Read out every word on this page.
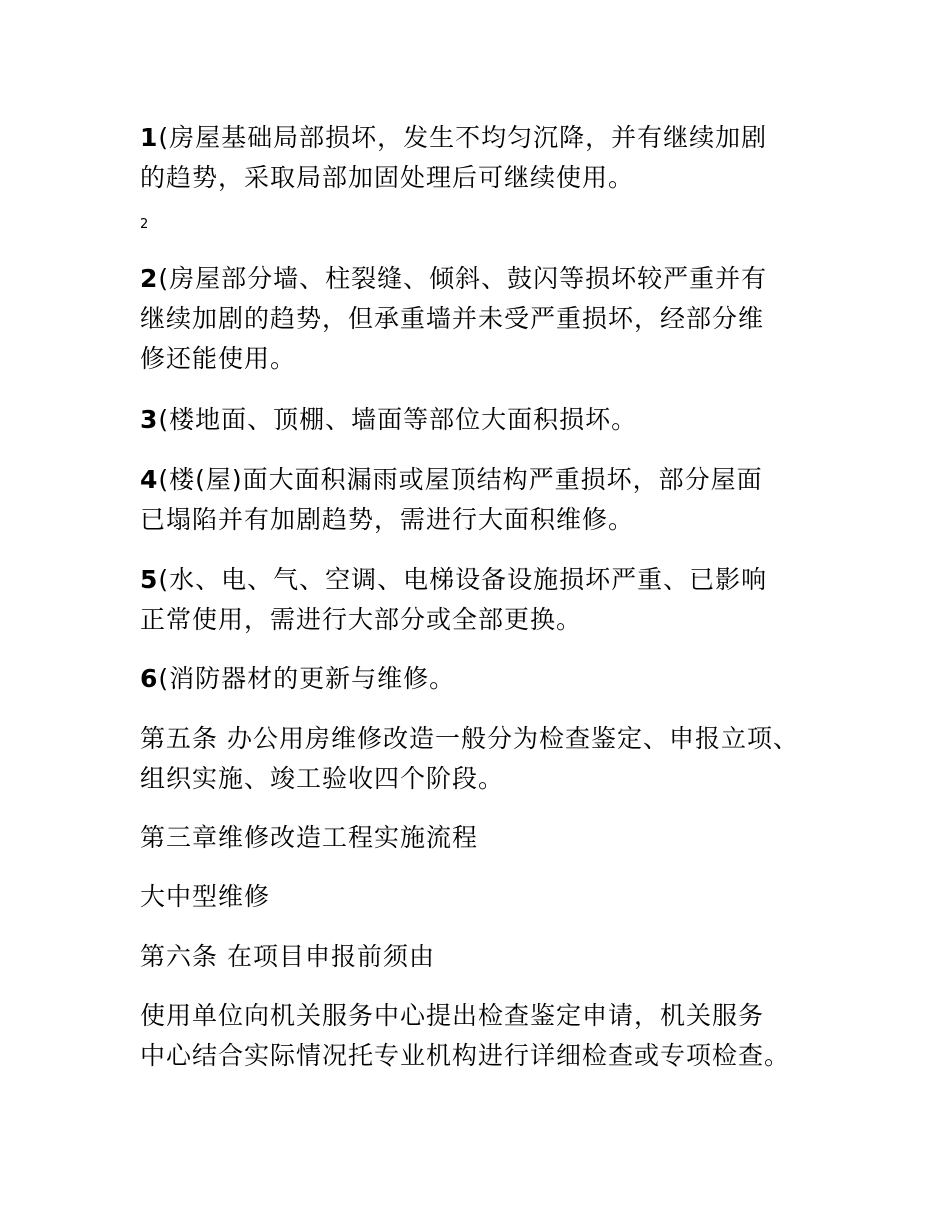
1(房屋基础局部损坏，发生不均匀沉降，并有继续加剧
的趋势，采取局部加固处理后可继续使用。
2
2(房屋部分墙、柱裂缝、倾斜、鼓闪等损坏较严重并有
继续加剧的趋势，但承重墙并未受严重损坏，经部分维
修还能使用。
3(楼地面、顶棚、墙面等部位大面积损坏。
4(楼(屋)面大面积漏雨或屋顶结构严重损坏，部分屋面
已塌陷并有加剧趋势，需进行大面积维修。
5(水、电、气、空调、电梯设备设施损坏严重、已影响
正常使用，需进行大部分或全部更换。
6(消防器材的更新与维修。
第五条 办公用房维修改造一般分为检查鉴定、申报立项、
组织实施、竣工验收四个阶段。
第三章维修改造工程实施流程
大中型维修
第六条 在项目申报前须由
使用单位向机关服务中心提出检查鉴定申请，机关服务
中心结合实际情况托专业机构进行详细检查或专项检查。
